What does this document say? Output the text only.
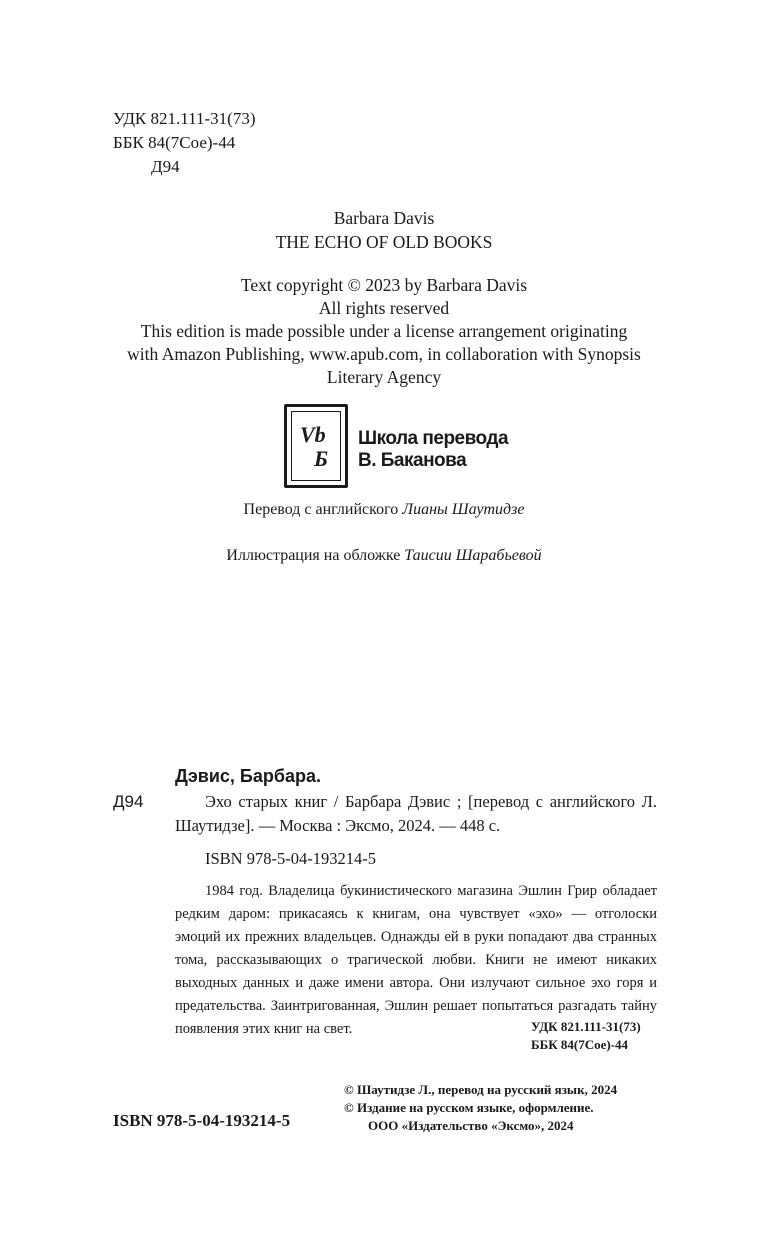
УДК 821.111-31(73)
ББК 84(7Сое)-44
Д94
Barbara Davis
THE ECHO OF OLD BOOKS
Text copyright © 2023 by Barbara Davis
All rights reserved
This edition is made possible under a license arrangement originating
with Amazon Publishing, www.apub.com, in collaboration with Synopsis
Literary Agency
Vb
Б
Школа перевода
В. Баканова
Перевод с английского Лианы Шаутидзе
Иллюстрация на обложке Таисии Шарабьевой
Дэвис, Барбара.
Д94	Эхо старых книг / Барбара Дэвис ; [перевод с английского Л. Шаутидзе]. — Москва : Эксмо, 2024. — 448 с.
ISBN 978-5-04-193214-5
1984 год. Владелица букинистического магазина Эшлин Грир обладает редким даром: прикасаясь к книгам, она чувствует «эхо» — отголоски эмоций их прежних владельцев. Однажды ей в руки попадают два странных тома, рассказывающих о трагической любви. Книги не имеют никаких выходных данных и даже имени автора. Они излучают сильное эхо горя и предательства. Заинтригованная, Эшлин решает попытаться разгадать тайну появления этих книг на свет.	УДК 821.111-31(73)
ББК 84(7Сое)-44
© Шаутидзе Л., перевод на русский язык, 2024
© Издание на русском языке, оформление.
ООО «Издательство «Эксмо», 2024
ISBN 978-5-04-193214-5
